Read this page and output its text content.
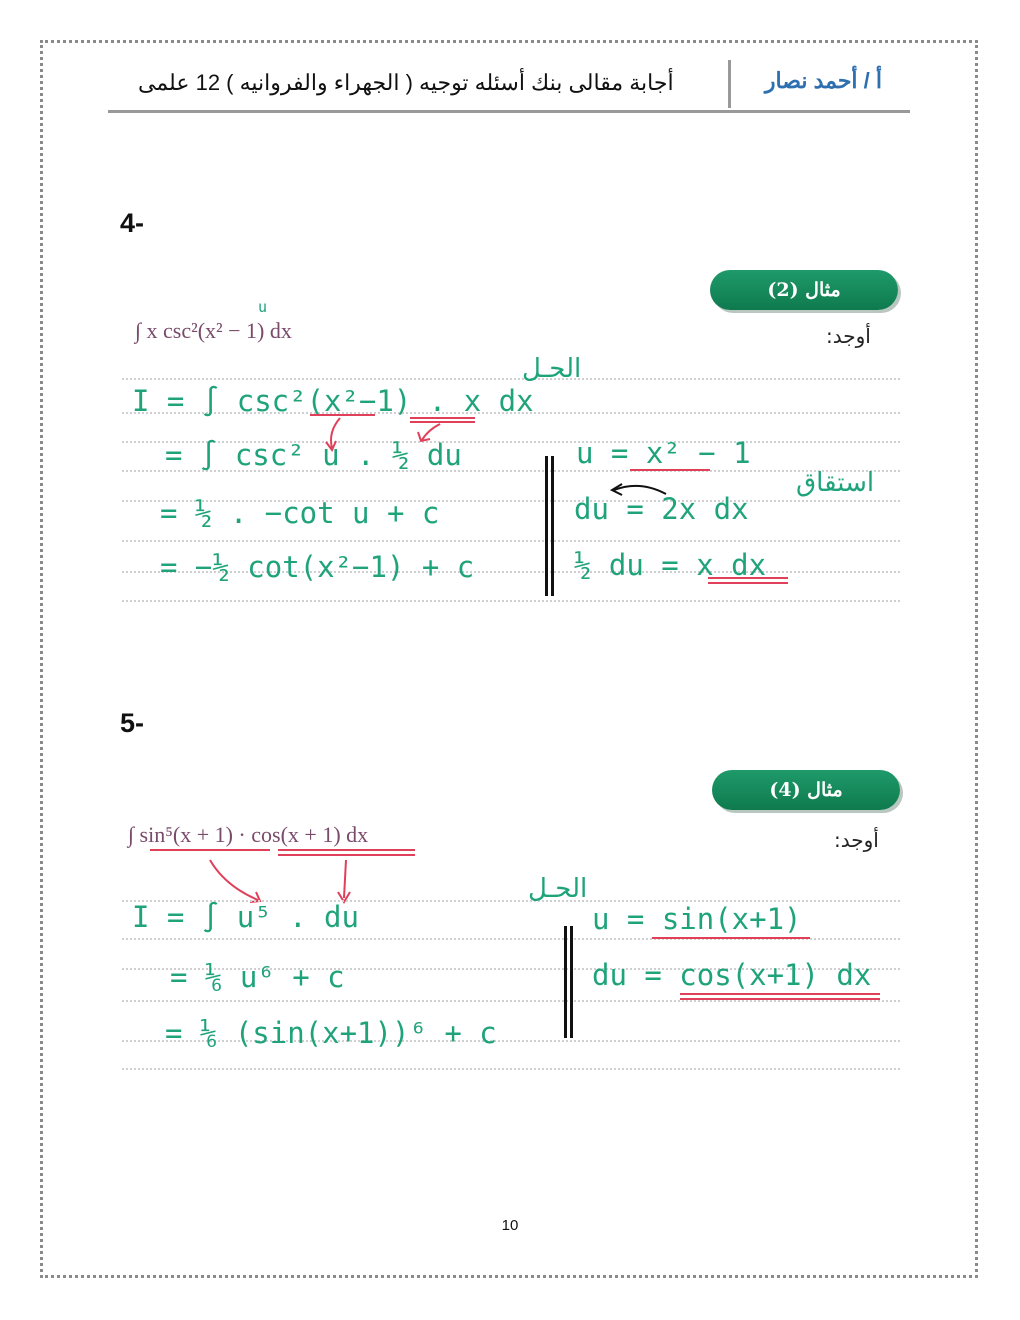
أ / أحمد نصار
أجابة مقالى بنك أسئله توجيه ( الجهراء والفروانيه ) 12 علمى
4-
مثال (2)
أوجد:
u
∫ x csc²(x² − 1) dx
الحـل
I = ∫ csc²(x²−1) . x dx
= ∫ csc² u . ½ du
= ½ . −cot u + c
= −½ cot(x²−1) + c
u = x² − 1
du = 2x dx
½ du = x dx
استقاق
5-
مثال (4)
أوجد:
∫ sin⁵(x + 1) · cos(x + 1) dx
الحـل
I = ∫ u⁵ . du
= ⅙ u⁶ + c
= ⅙ (sin(x+1))⁶ + c
u = sin(x+1)
du = cos(x+1) dx
10
